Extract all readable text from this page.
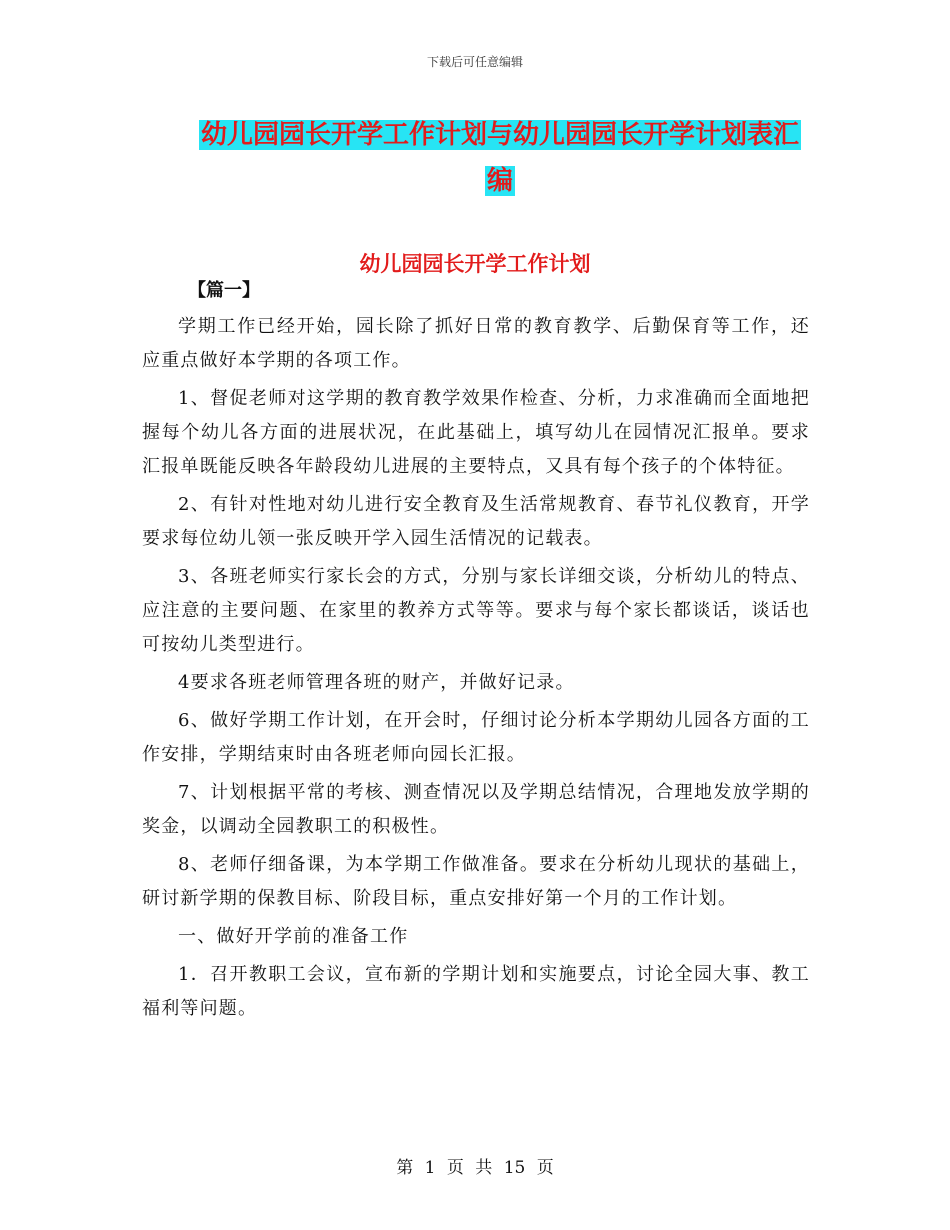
下载后可任意编辑
幼儿园园长开学工作计划与幼儿园园长开学计划表汇
编
幼儿园园长开学工作计划
【篇一】

学期工作已经开始，园长除了抓好日常的教育教学、后勤保育等工作，还应重点做好本学期的各项工作。

1、督促老师对这学期的教育教学效果作检查、分析，力求准确而全面地把握每个幼儿各方面的进展状况，在此基础上，填写幼儿在园情况汇报单。要求汇报单既能反映各年龄段幼儿进展的主要特点，又具有每个孩子的个体特征。

2、有针对性地对幼儿进行安全教育及生活常规教育、春节礼仪教育，开学要求每位幼儿领一张反映开学入园生活情况的记载表。

3、各班老师实行家长会的方式，分别与家长详细交谈，分析幼儿的特点、应注意的主要问题、在家里的教养方式等等。要求与每个家长都谈话，谈话也可按幼儿类型进行。

4要求各班老师管理各班的财产，并做好记录。

6、做好学期工作计划，在开会时，仔细讨论分析本学期幼儿园各方面的工作安排，学期结束时由各班老师向园长汇报。

7、计划根据平常的考核、测查情况以及学期总结情况，合理地发放学期的奖金，以调动全园教职工的积极性。

8、老师仔细备课，为本学期工作做准备。要求在分析幼儿现状的基础上，研讨新学期的保教目标、阶段目标，重点安排好第一个月的工作计划。

一、做好开学前的准备工作

1．召开教职工会议，宣布新的学期计划和实施要点，讨论全园大事、教工福利等问题。

第 1 页 共 15 页
